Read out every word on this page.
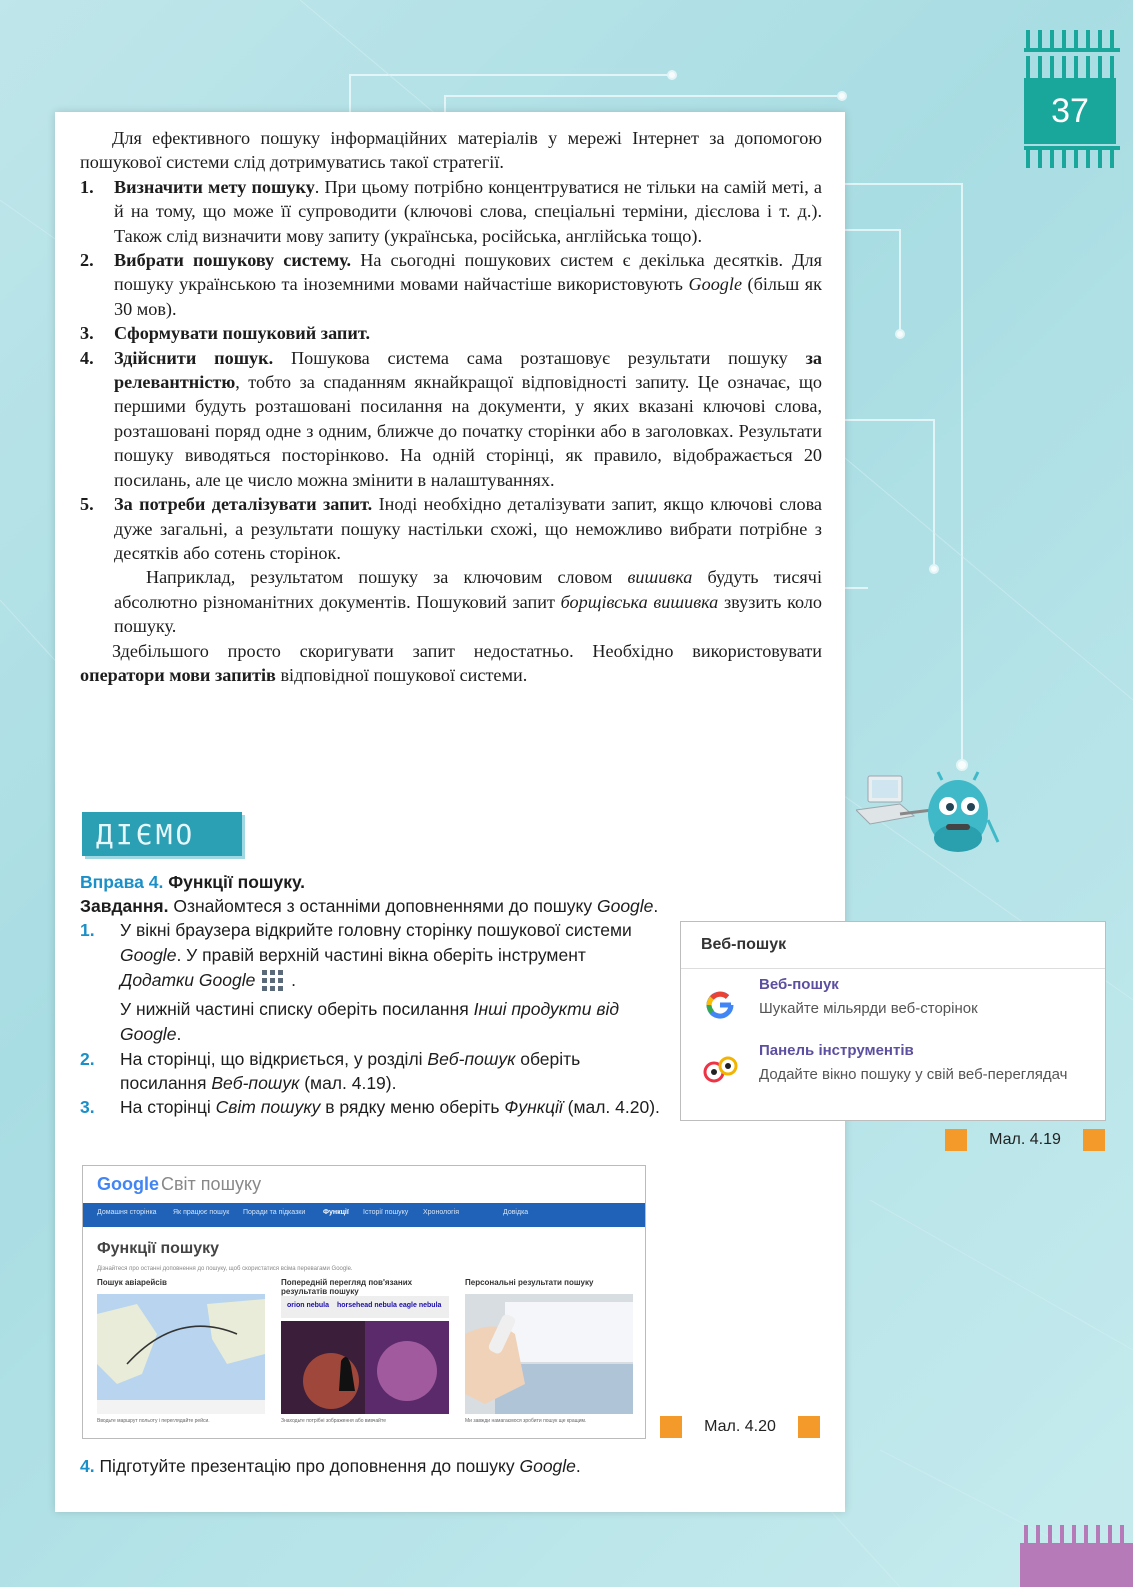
37

Для ефективного пошуку інформаційних матеріалів у мережі Інтернет за допомогою пошукової системи слід дотримуватись такої стратегії.

1. Визначити мету пошуку. При цьому потрібно концентруватися не тільки на самій меті, а й на тому, що може її супроводити (ключові слова, спеціальні терміни, дієслова і т. д.). Також слід визначити мову запиту (українська, російська, англійська тощо).
2. Вибрати пошукову систему. На сьогодні пошукових систем є декілька десятків. Для пошуку українською та іноземними мовами найчастіше використовують Google (більш як 30 мов).
3. Сформувати пошуковий запит.
4. Здійснити пошук. Пошукова система сама розташовує результати пошуку за релевантністю, тобто за спаданням якнайкращої відповідності запиту. Це означає, що першими будуть розташовані посилання на документи, у яких вказані ключові слова, розташовані поряд одне з одним, ближче до початку сторінки або в заголовках. Результати пошуку виводяться посторінково. На одній сторінці, як правило, відображається 20 посилань, але це число можна змінити в налаштуваннях.
5. За потреби деталізувати запит. Іноді необхідно деталізувати запит, якщо ключові слова дуже загальні, а результати пошуку настільки схожі, що неможливо вибрати потрібне з десятків або сотень сторінок.

Наприклад, результатом пошуку за ключовим словом вишивка будуть тисячі абсолютно різноманітних документів. Пошуковий запит борщівська вишивка звузить коло пошуку.

Здебільшого просто скоригувати запит недостатньо. Необхідно використовувати оператори мови запитів відповідної пошукової системи.

ДІЄМО
Вправа 4. Функції пошуку.
Завдання. Ознайомтеся з останніми доповненнями до пошуку Google.
1. У вікні браузера відкрийте головну сторінку пошукової системи Google. У правій верхній частині вікна оберіть інструмент Додатки Google  .
У нижній частині списку оберіть посилання Інші продукти від Google.
2. На сторінці, що відкриється, у розділі Веб-пошук оберіть посилання Веб-пошук (мал. 4.19).
3. На сторінці Світ пошуку в рядку меню оберіть Функції (мал. 4.20).
Веб-пошук
Веб-пошук
Шукайте мільярди веб-сторінок
Панель інструментів
Додайте вікно пошуку у свій веб-переглядач
Мал. 4.19
Google Світ пошуку
Домашня сторінка Як працює пошук Поради та підказки	Функції Історії пошуку Хронологія	Довідка
Функції пошуку
Дізнайтеся про останні доповнення до пошуку, щоб скористатися всіма перевагами Google.
Пошук авіарейсів	Попередній перегляд пов'язаних результатів пошуку
Персональні результати пошуку
orion nebula horsehead nebula eagle nebula
Вводьте маршрут польоту і переглядайте рейси.	Знаходьте потрібні зображення або вивчайте	Ми завжди намагаємося зробити пошук ще кращим.	Мал. 4.20
4. Підготуйте презентацію про доповнення до пошуку Google.
